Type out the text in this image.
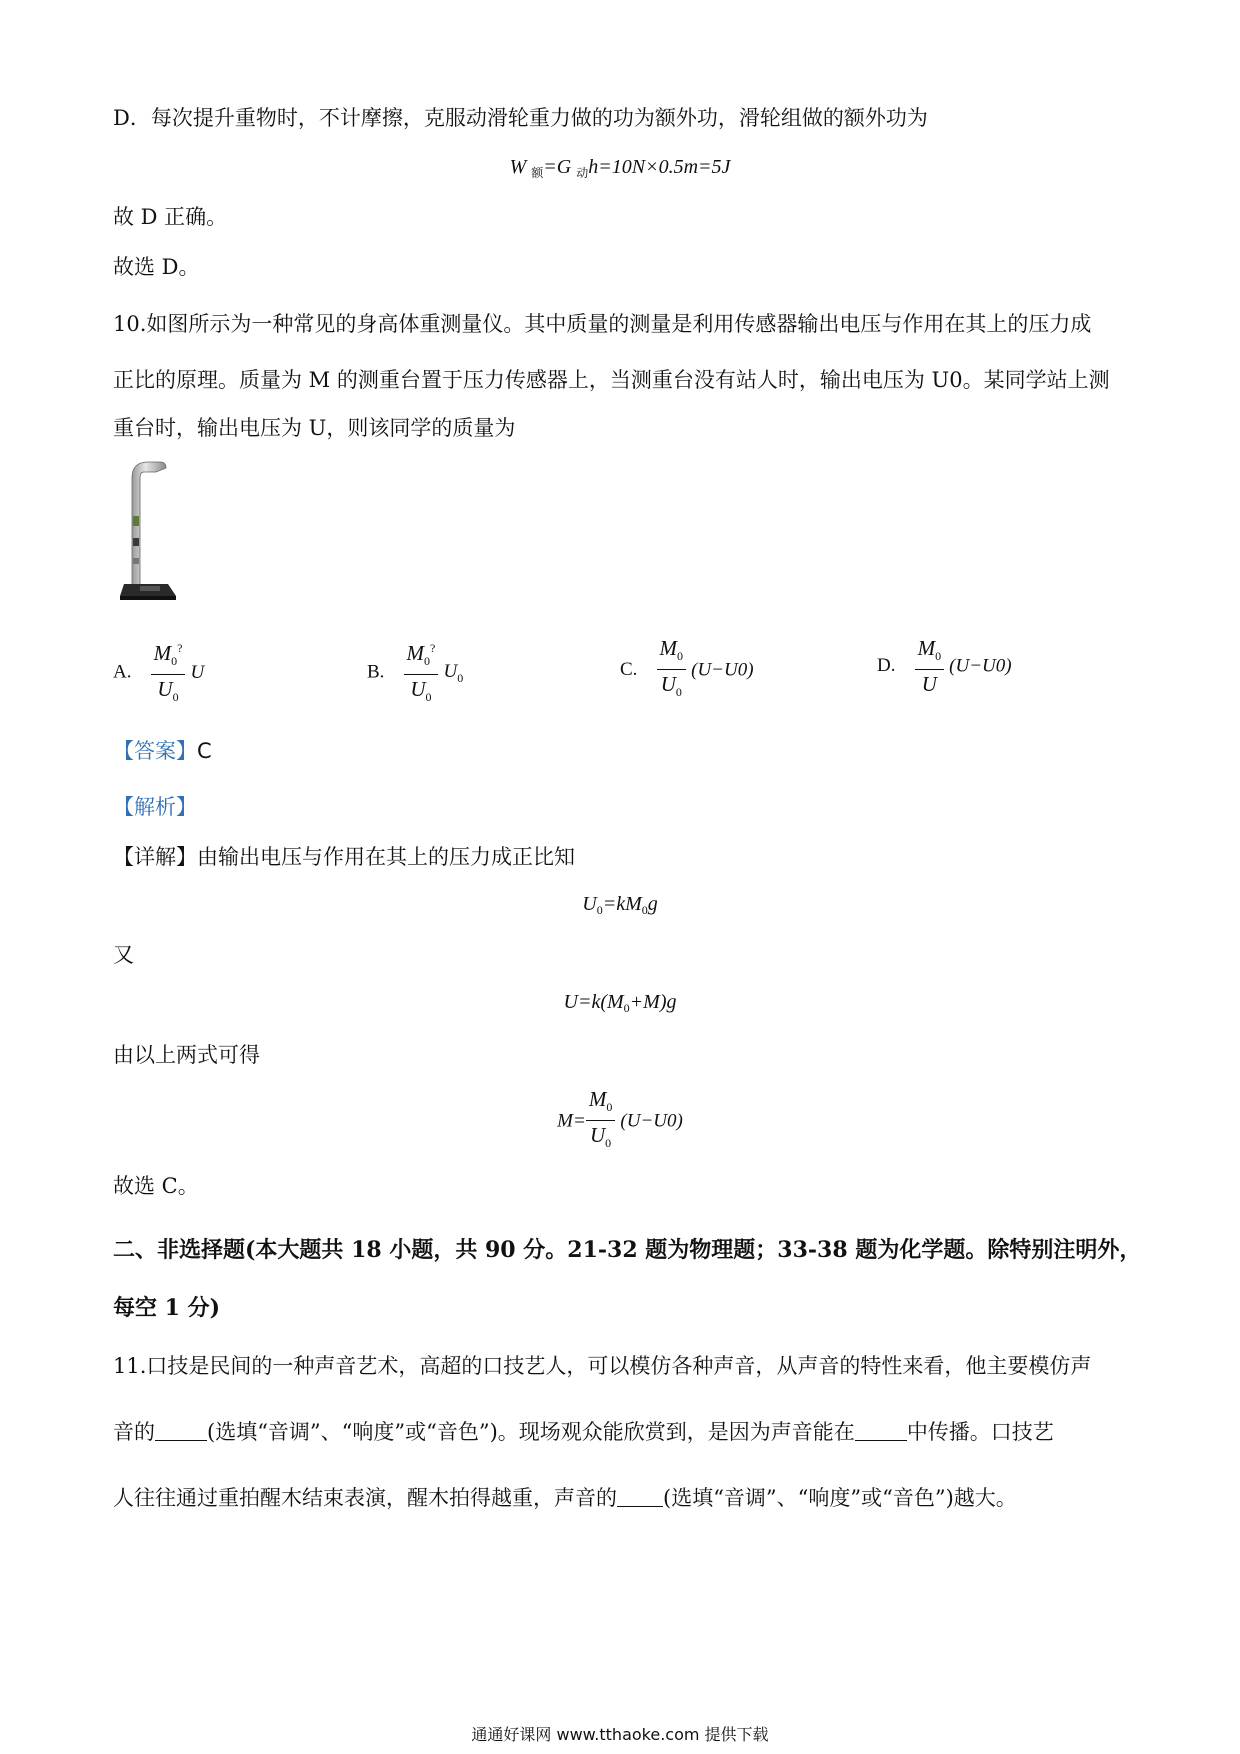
D．每次提升重物时，不计摩擦，克服动滑轮重力做的功为额外功，滑轮组做的额外功为
W $_额$=G $_动$h=10N×0.5m=5J
故 D 正确。
故选 D。
10.如图所示为一种常见的身高体重测量仪。其中质量的测量是利用传感器输出电压与作用在其上的压力成
正比的原理。质量为 M 的测重台置于压力传感器上，当测重台没有站人时，输出电压为 U0。某同学站上测
重台时，输出电压为 U，则该同学的质量为
A. $\frac{M_0^?}{U_0}$ U	B. $\frac{M_0^?}{U_0} U_0$	C. $\frac{M_0}{U_0} (U-U0)$	D. $\frac{M_0}{U} (U-U0)$
【答案】C
【解析】
【详解】由输出电压与作用在其上的压力成正比知
$U_0=kM_0g$
又
$U=k(M_0+M)g$
由以上两式可得
$M= \frac{M_0}{U_0} (U-U0)$
故选 C。
二、非选择题(本大题共 18 小题，共 90 分。21-32 题为物理题；33-38 题为化学题。除特别注明外，
每空 1 分)
11.口技是民间的一种声音艺术，高超的口技艺人，可以模仿各种声音，从声音的特性来看，他主要模仿声
音的 (选填“音调”、“响度”或“音色”)。现场观众能欣赏到，是因为声音能在 中传播。口技艺
人往往通过重拍醒木结束表演，醒木拍得越重，声音的 (选填“音调”、“响度”或“音色”)越大。
通通好课网 www.tthaoke.com 提供下载
